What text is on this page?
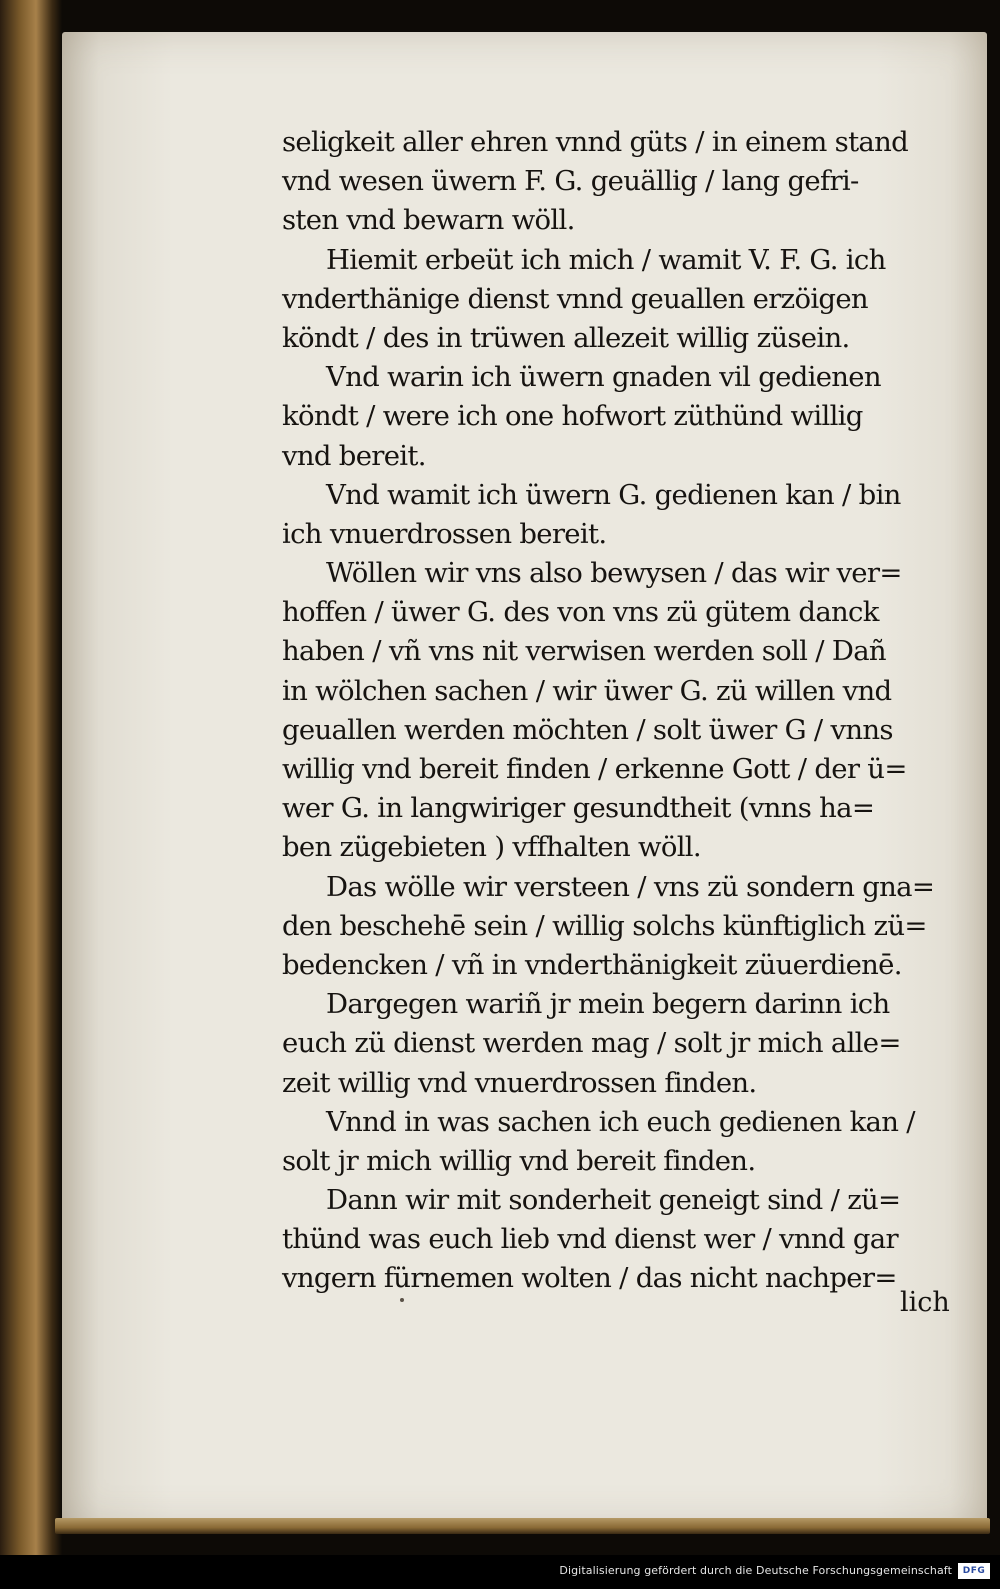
seligkeit aller ehren vnnd güts / in einem stand
vnd wesen üwern F. G. geuällig / lang gefri-
sten vnd bewarn wöll.
Hiemit erbeüt ich mich / wamit V. F. G. ich
vnderthänige dienst vnnd geuallen erzöigen
köndt / des in trüwen allezeit willig züsein.
Vnd warin ich üwern gnaden vil gedienen
köndt / were ich one hofwort züthünd willig
vnd bereit.
Vnd wamit ich üwern G. gedienen kan / bin
ich vnuerdrossen bereit.
Wöllen wir vns also bewysen / das wir ver=
hoffen / üwer G. des von vns zü gütem danck
haben / vñ vns nit verwisen werden soll / Dañ
in wölchen sachen / wir üwer G. zü willen vnd
geuallen werden möchten / solt üwer G / vnns
willig vnd bereit finden / erkenne Gott / der ü=
wer G. in langwiriger gesundtheit (vnns ha=
ben zügebieten ) vffhalten wöll.
Das wölle wir versteen / vns zü sondern gna=
den beschehē sein / willig solchs künftiglich zü=
bedencken / vñ in vnderthänigkeit züuerdienē.
Dargegen wariñ jr mein begern darinn ich
euch zü dienst werden mag / solt jr mich alle=
zeit willig vnd vnuerdrossen finden.
Vnnd in was sachen ich euch gedienen kan /
solt jr mich willig vnd bereit finden.
Dann wir mit sonderheit geneigt sind / zü=
thünd was euch lieb vnd dienst wer / vnnd gar
vngern fürnemen wolten / das nicht nachper=
lich
Digitalisierung gefördert durch die Deutsche Forschungsgemeinschaft	DFG
